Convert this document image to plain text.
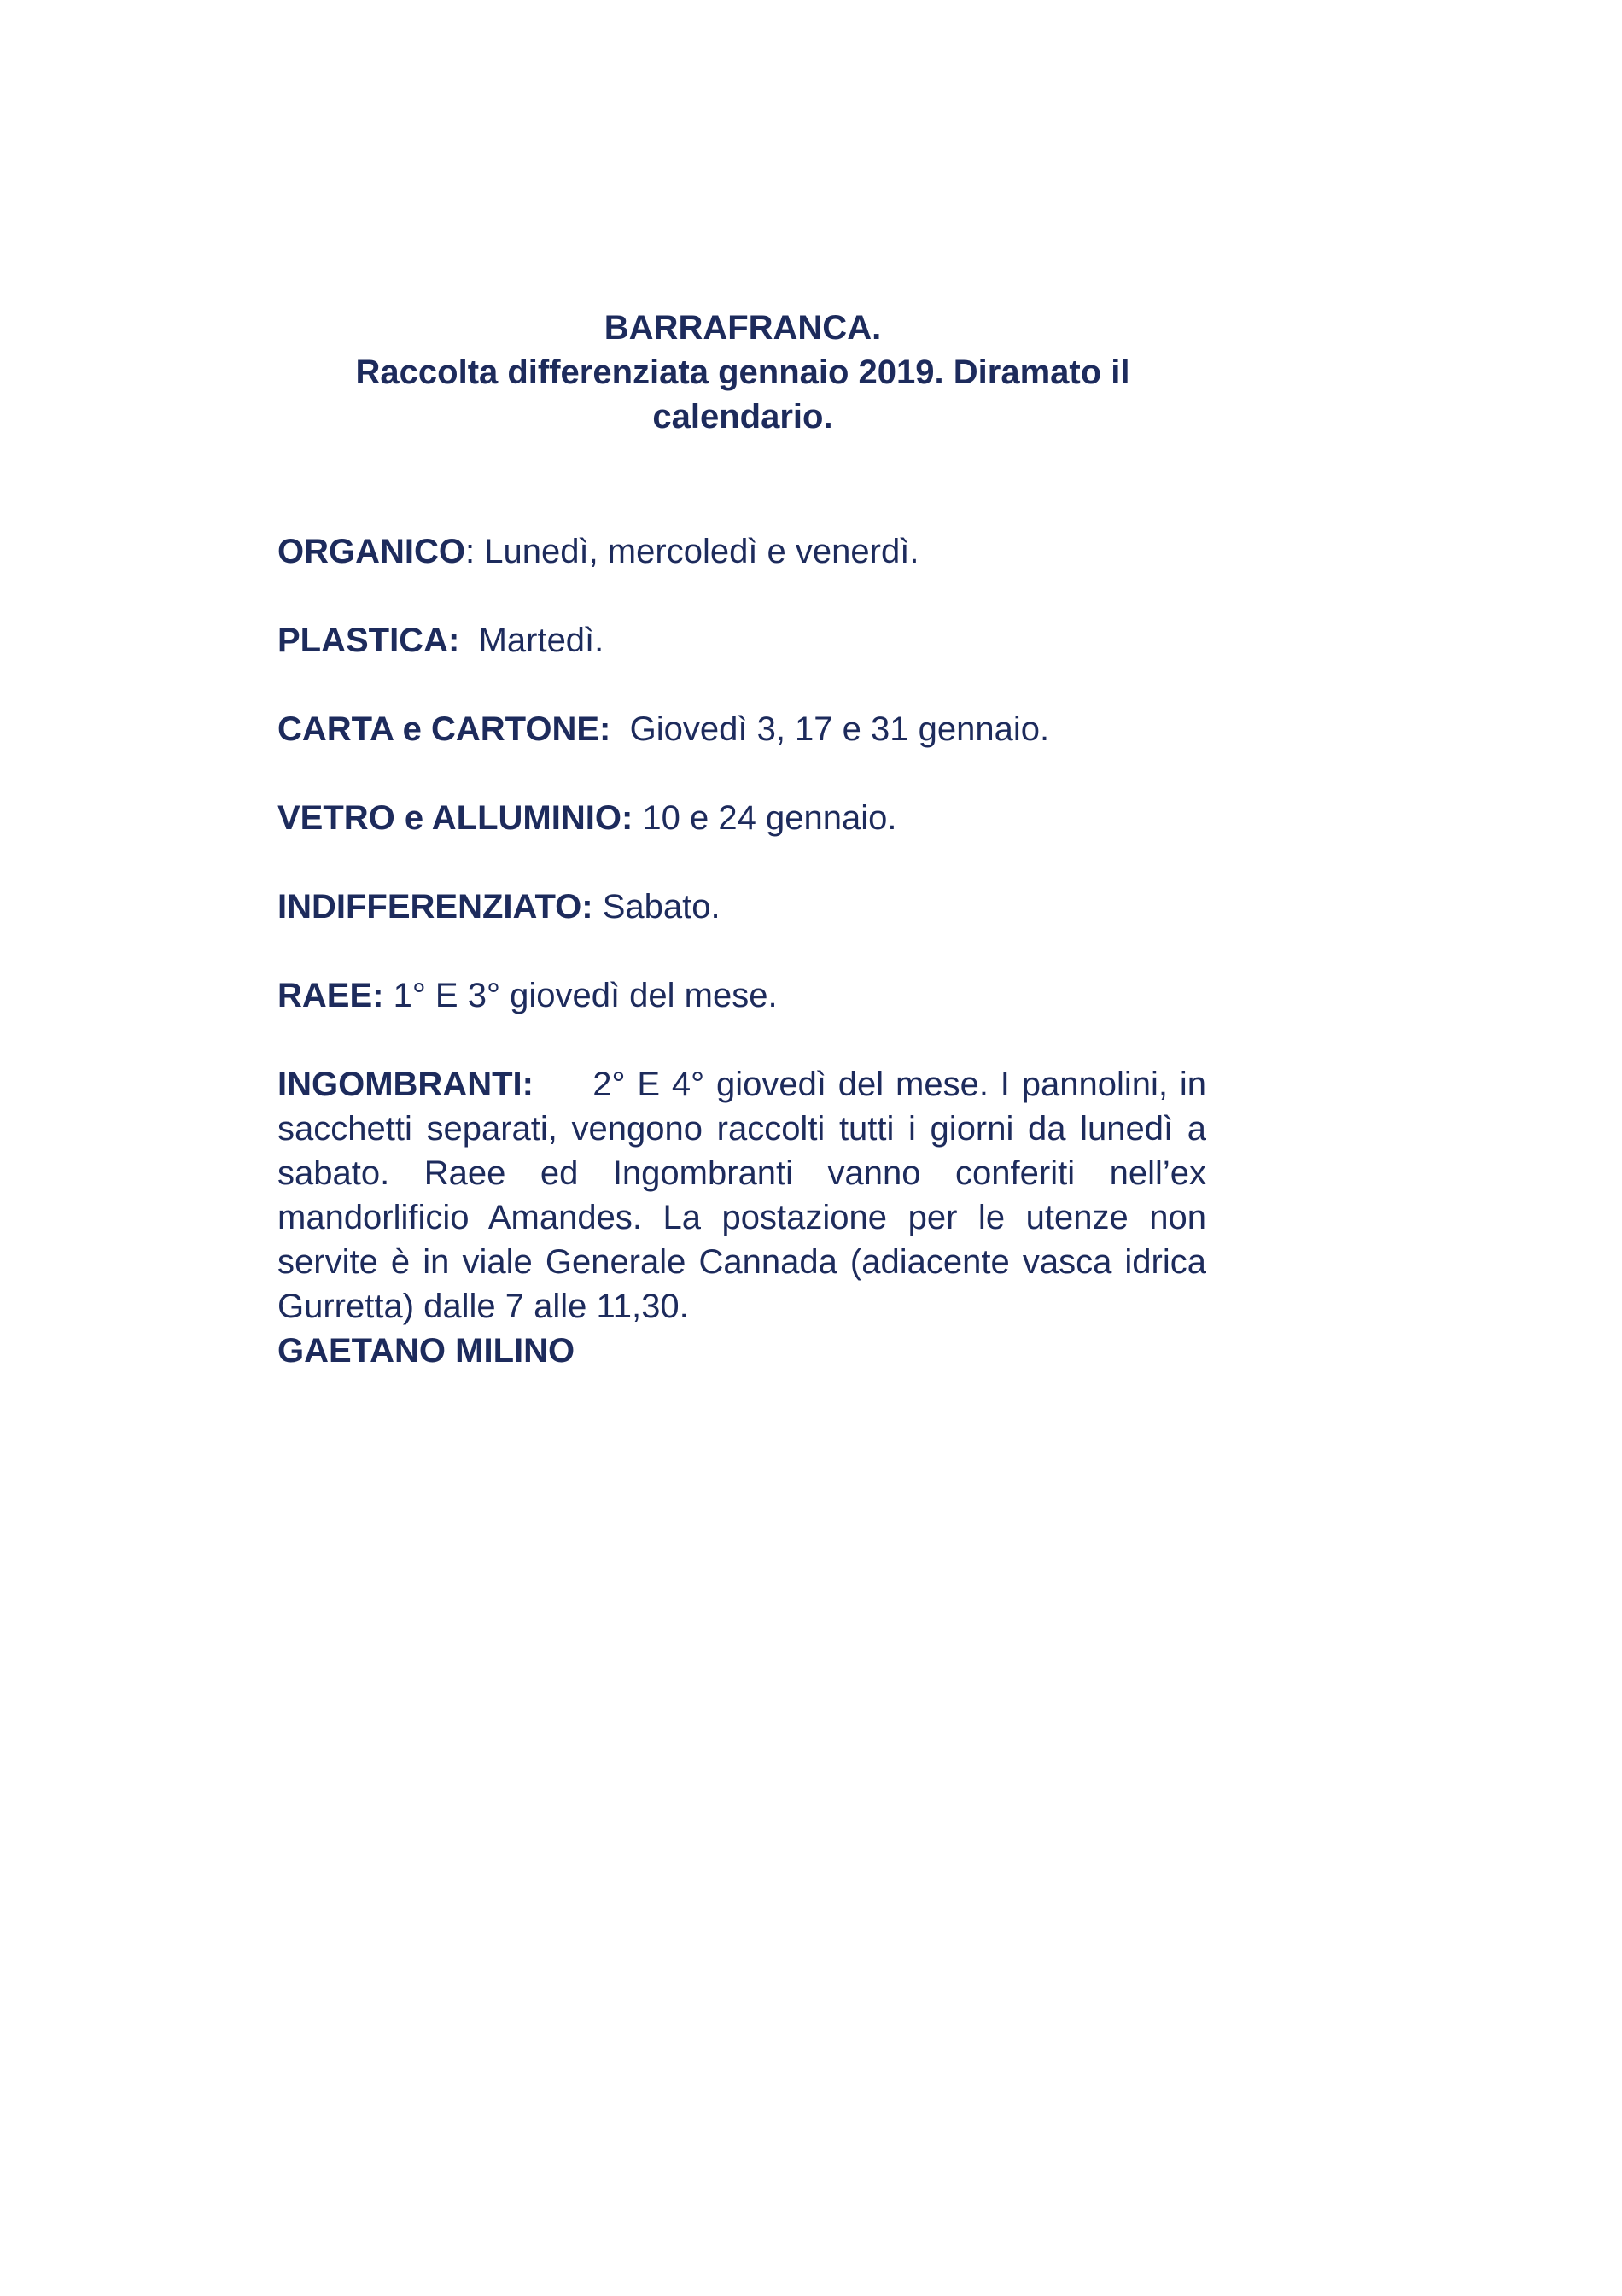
BARRAFRANCA.
Raccolta differenziata gennaio 2019. Diramato il
calendario.

ORGANICO: Lunedì, mercoledì e venerdì.

PLASTICA: Martedì.

CARTA e CARTONE: Giovedì 3, 17 e 31 gennaio.

VETRO e ALLUMINIO: 10 e 24 gennaio.

INDIFFERENZIATO: Sabato.

RAEE: 1° E 3° giovedì del mese.

INGOMBRANTI: 2° E 4° giovedì del mese. I pannolini, in sacchetti separati, vengono raccolti tutti i giorni da lunedì a sabato. Raee ed Ingombranti vanno conferiti nell’ex mandorlificio Amandes. La postazione per le utenze non servite è in viale Generale Cannada (adiacente vasca idrica Gurretta) dalle 7 alle 11,30.

GAETANO MILINO
